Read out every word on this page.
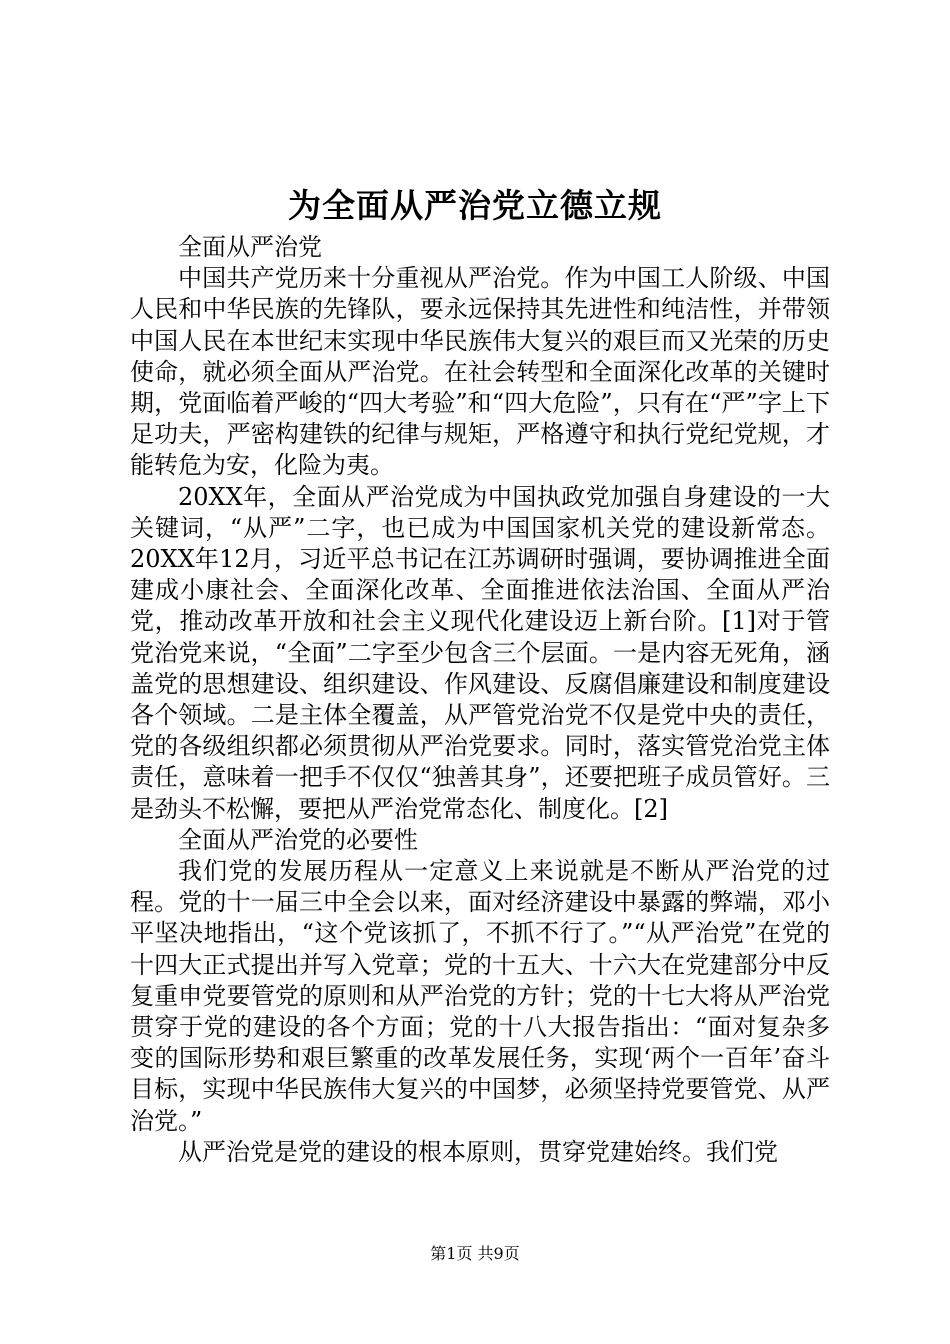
为全面从严治党立德立规

全面从严治党

中国共产党历来十分重视从严治党。作为中国工人阶级、中国人民和中华民族的先锋队，要永远保持其先进性和纯洁性，并带领中国人民在本世纪末实现中华民族伟大复兴的艰巨而又光荣的历史使命，就必须全面从严治党。在社会转型和全面深化改革的关键时期，党面临着严峻的“四大考验”和“四大危险”，只有在“严”字上下足功夫，严密构建铁的纪律与规矩，严格遵守和执行党纪党规，才能转危为安，化险为夷。

20XX年，全面从严治党成为中国执政党加强自身建设的一大关键词，“从严”二字，也已成为中国国家机关党的建设新常态。20XX年12月，习近平总书记在江苏调研时强调，要协调推进全面建成小康社会、全面深化改革、全面推进依法治国、全面从严治党，推动改革开放和社会主义现代化建设迈上新台阶。[1]对于管党治党来说，“全面”二字至少包含三个层面。一是内容无死角，涵盖党的思想建设、组织建设、作风建设、反腐倡廉建设和制度建设各个领域。二是主体全覆盖，从严管党治党不仅是党中央的责任，党的各级组织都必须贯彻从严治党要求。同时，落实管党治党主体责任，意味着一把手不仅仅“独善其身”，还要把班子成员管好。三是劲头不松懈，要把从严治党常态化、制度化。[2]

全面从严治党的必要性

我们党的发展历程从一定意义上来说就是不断从严治党的过程。党的十一届三中全会以来，面对经济建设中暴露的弊端，邓小平坚决地指出，“这个党该抓了，不抓不行了。”“从严治党”在党的十四大正式提出并写入党章；党的十五大、十六大在党建部分中反复重申党要管党的原则和从严治党的方针；党的十七大将从严治党贯穿于党的建设的各个方面；党的十八大报告指出：“面对复杂多变的国际形势和艰巨繁重的改革发展任务，实现‘两个一百年’奋斗目标，实现中华民族伟大复兴的中国梦，必须坚持党要管党、从严治党。”

从严治党是党的建设的根本原则，贯穿党建始终。我们党

第1页 共9页
